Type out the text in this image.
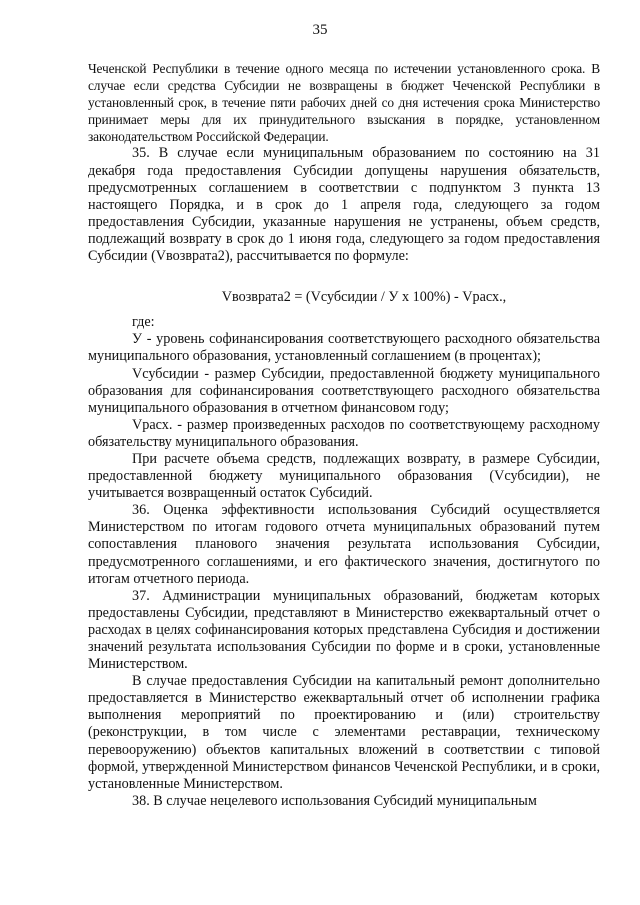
35

Чеченской Республики в течение одного месяца по истечении установленного срока. В случае если средства Субсидии не возвращены в бюджет Чеченской Республики в установленный срок, в течение пяти рабочих дней со дня истечения срока Министерство принимает меры для их принудительного взыскания в порядке, установленном законодательством Российской Федерации.

35. В случае если муниципальным образованием по состоянию на 31 декабря года предоставления Субсидии допущены нарушения обязательств, предусмотренных соглашением в соответствии с подпунктом 3 пункта 13 настоящего Порядка, и в срок до 1 апреля года, следующего за годом предоставления Субсидии, указанные нарушения не устранены, объем средств, подлежащий возврату в срок до 1 июня года, следующего за годом предоставления Субсидии (Vвозврата2), рассчитывается по формуле:

Vвозврата2 = (Vсубсидии / У х 100%) - Vрасх.,

где:

У - уровень софинансирования соответствующего расходного обязательства муниципального образования, установленный соглашением (в процентах);

Vсубсидии - размер Субсидии, предоставленной бюджету муниципального образования для софинансирования соответствующего расходного обязательства муниципального образования в отчетном финансовом году;

Vрасх. - размер произведенных расходов по соответствующему расходному обязательству муниципального образования.

При расчете объема средств, подлежащих возврату, в размере Субсидии, предоставленной бюджету муниципального образования (Vсубсидии), не учитывается возвращенный остаток Субсидий.

36. Оценка эффективности использования Субсидий осуществляется Министерством по итогам годового отчета муниципальных образований путем сопоставления планового значения результата использования Субсидии, предусмотренного соглашениями, и его фактического значения, достигнутого по итогам отчетного периода.

37. Администрации муниципальных образований, бюджетам которых предоставлены Субсидии, представляют в Министерство ежеквартальный отчет о расходах в целях софинансирования которых представлена Субсидия и достижении значений результата использования Субсидии по форме и в сроки, установленные Министерством.

В случае предоставления Субсидии на капитальный ремонт дополнительно предоставляется в Министерство ежеквартальный отчет об исполнении графика выполнения мероприятий по проектированию и (или) строительству (реконструкции, в том числе с элементами реставрации, техническому перевооружению) объектов капитальных вложений в соответствии с типовой формой, утвержденной Министерством финансов Чеченской Республики, и в сроки, установленные Министерством.

38. В случае нецелевого использования Субсидий муниципальным
